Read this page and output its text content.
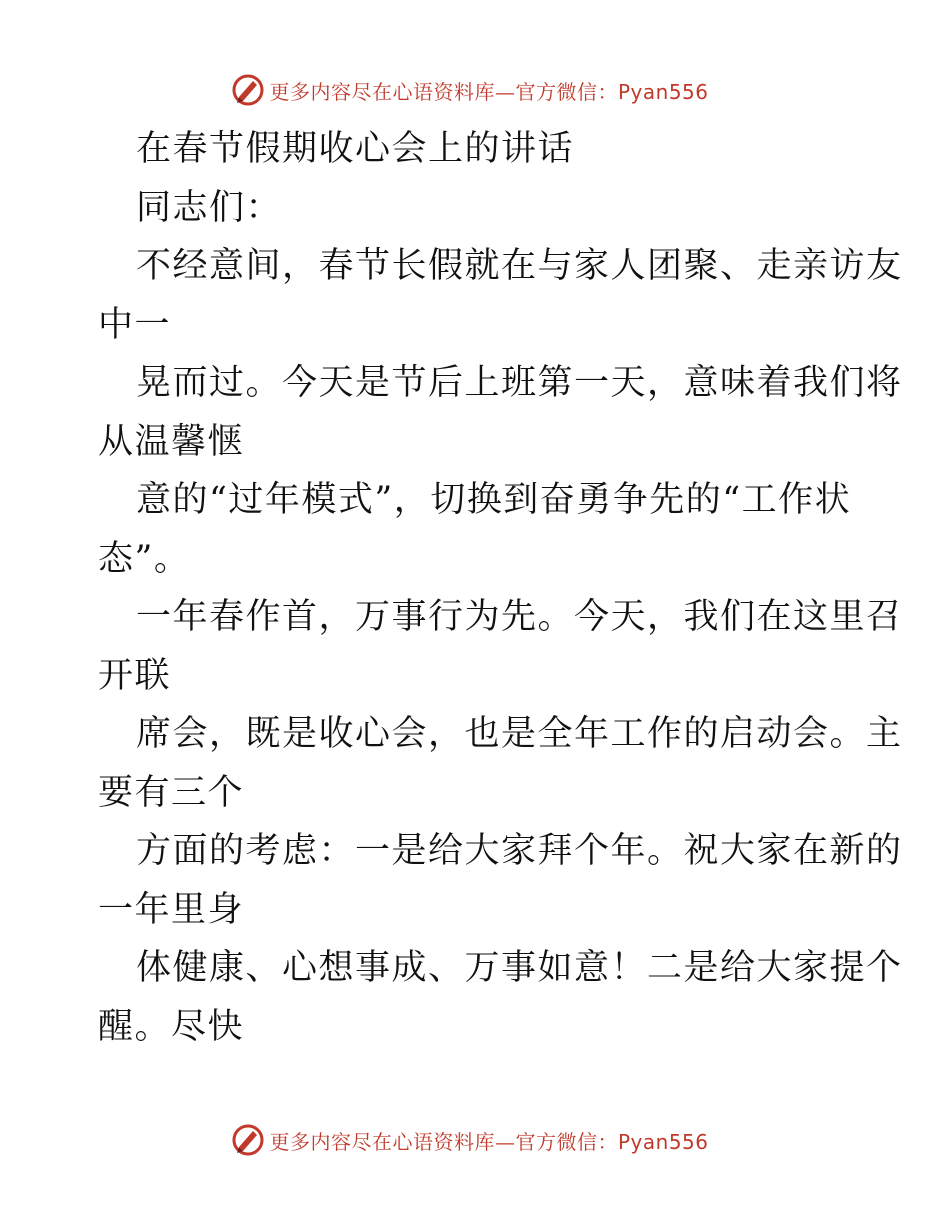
更多内容尽在心语资料库—官方微信：Pyan556
在春节假期收心会上的讲话
同志们：
不经意间，春节长假就在与家人团聚、走亲访友
中一
晃而过。今天是节后上班第一天，意味着我们将
从温馨惬
意的“过年模式”，切换到奋勇争先的“工作状
态”。
一年春作首，万事行为先。今天，我们在这里召
开联
席会，既是收心会，也是全年工作的启动会。主
要有三个
方面的考虑：一是给大家拜个年。祝大家在新的
一年里身
体健康、心想事成、万事如意！二是给大家提个
醒。尽快
更多内容尽在心语资料库—官方微信：Pyan556
